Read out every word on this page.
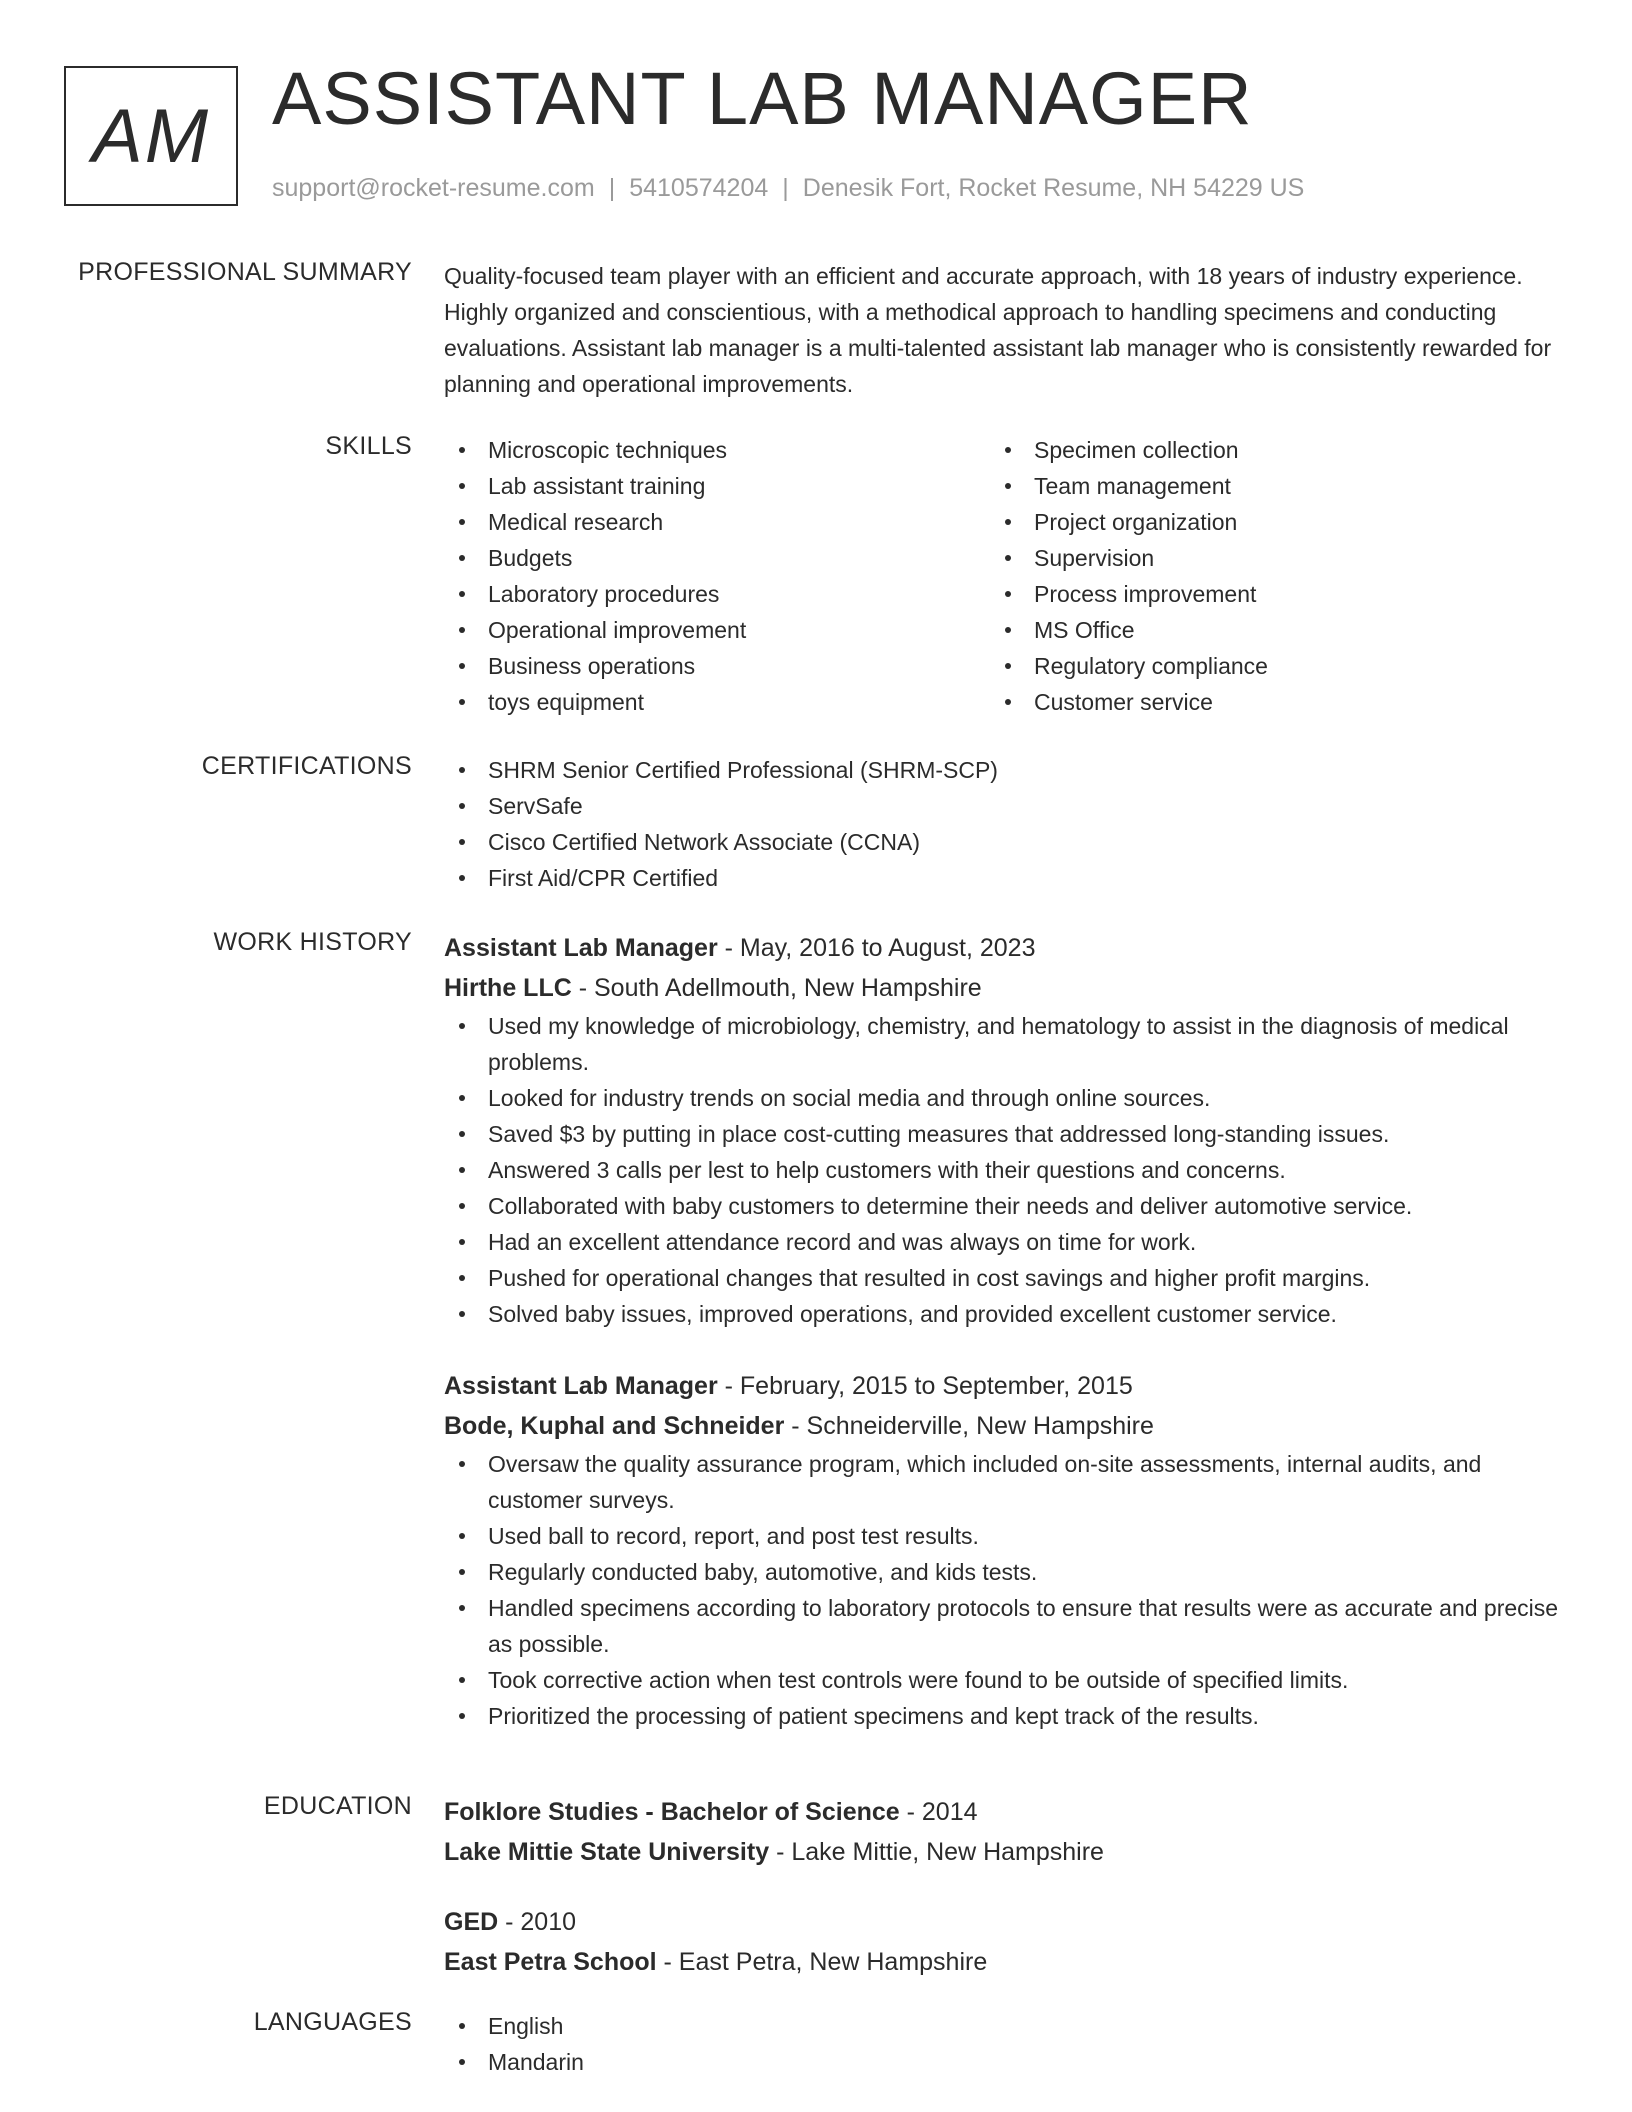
AM ASSISTANT LAB MANAGER
support@rocket-resume.com | 5410574204 | Denesik Fort, Rocket Resume, NH 54229 US
PROFESSIONAL SUMMARY Quality-focused team player with an efficient and accurate approach, with 18 years of industry experience. Highly organized and conscientious, with a methodical approach to handling specimens and conducting evaluations. Assistant lab manager is a multi-talented assistant lab manager who is consistently rewarded for planning and operational improvements.

SKILLS	Microscopic techniques
Lab assistant training
Medical research
Budgets
Laboratory procedures
Operational improvement
Business operations
toys equipment
Specimen collection
Team management
Project organization
Supervision
Process improvement
MS Office
Regulatory compliance
Customer service
CERTIFICATIONS	SHRM Senior Certified Professional (SHRM-SCP)
ServSafe
Cisco Certified Network Associate (CCNA)
First Aid/CPR Certified
WORK HISTORY Assistant Lab Manager - May, 2016 to August, 2023
Hirthe LLC - South Adellmouth, New Hampshire
Used my knowledge of microbiology, chemistry, and hematology to assist in the diagnosis of medical problems.
Looked for industry trends on social media and through online sources.
Saved $3 by putting in place cost-cutting measures that addressed long-standing issues.
Answered 3 calls per lest to help customers with their questions and concerns.
Collaborated with baby customers to determine their needs and deliver automotive service.
Had an excellent attendance record and was always on time for work.
Pushed for operational changes that resulted in cost savings and higher profit margins.
Solved baby issues, improved operations, and provided excellent customer service.
Assistant Lab Manager - February, 2015 to September, 2015
Bode, Kuphal and Schneider - Schneiderville, New Hampshire
Oversaw the quality assurance program, which included on-site assessments, internal audits, and customer surveys.
Used ball to record, report, and post test results.
Regularly conducted baby, automotive, and kids tests.
Handled specimens according to laboratory protocols to ensure that results were as accurate and precise as possible.
Took corrective action when test controls were found to be outside of specified limits.
Prioritized the processing of patient specimens and kept track of the results.
EDUCATION Folklore Studies - Bachelor of Science - 2014
Lake Mittie State University - Lake Mittie, New Hampshire
GED - 2010
East Petra School - East Petra, New Hampshire
LANGUAGES	English
Mandarin
